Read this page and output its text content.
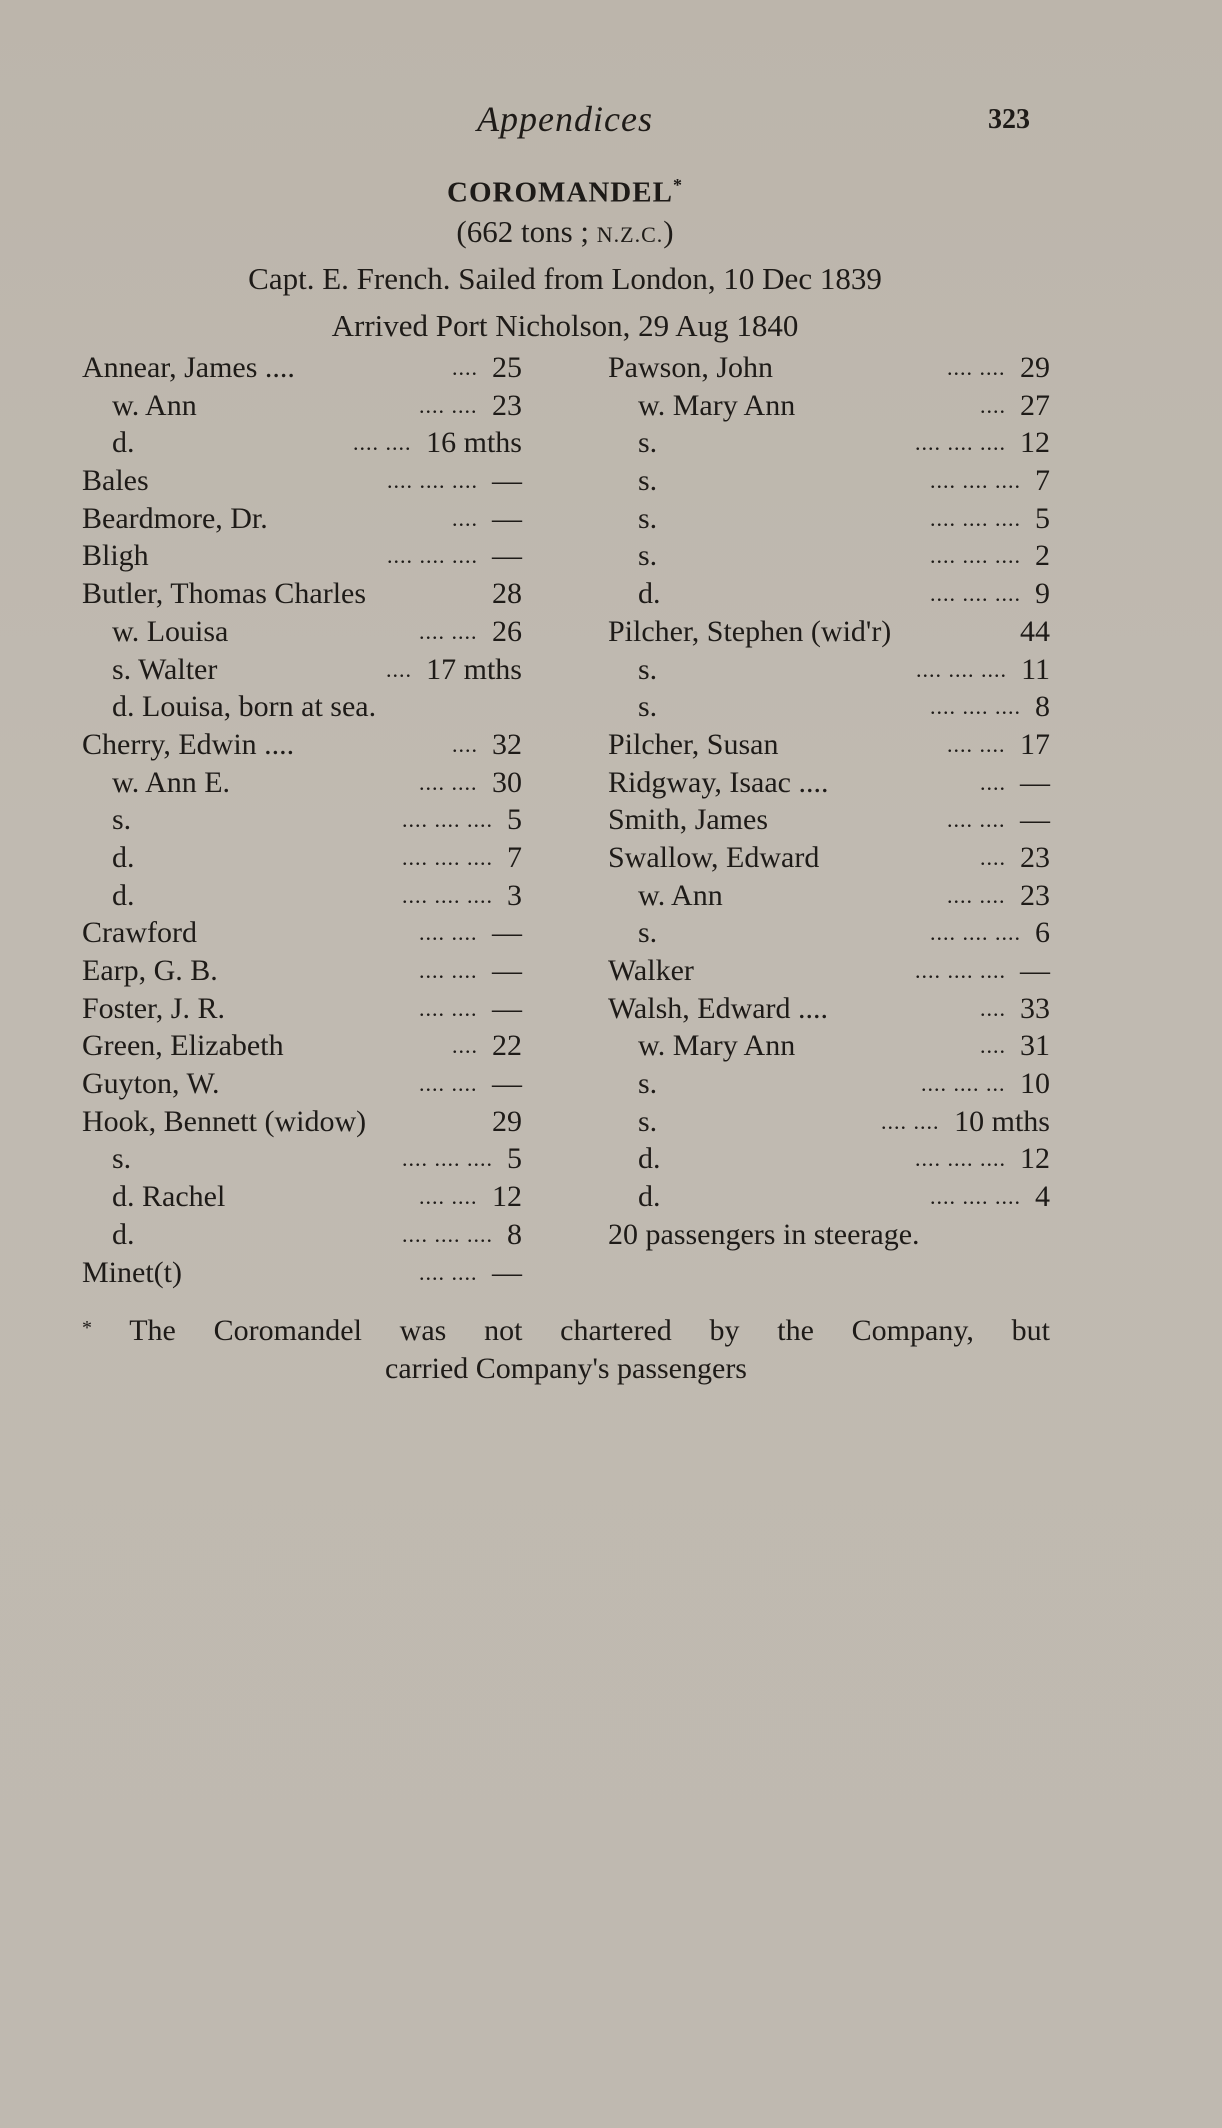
Appendices	323
COROMANDEL*
(662 tons ; N.Z.C.)
Capt. E. French. Sailed from London, 10 Dec 1839
Arrived Port Nicholson, 29 Aug 1840
Annear, James ....	.... 25
w. Ann	.... .... 23
d.	.... .... 16 mths
Bales	.... .... .... —
Beardmore, Dr.	.... —
Bligh	.... .... .... —
Butler, Thomas Charles	28
w. Louisa	.... .... 26
s. Walter	.... 17 mths
d. Louisa, born at sea.
Cherry, Edwin ....	.... 32
w. Ann E.	.... .... 30
s.	.... .... .... 5
d.	.... .... .... 7
d.	.... .... .... 3
Crawford	.... .... —
Earp, G. B.	.... .... —
Foster, J. R.	.... .... —
Green, Elizabeth	.... 22
Guyton, W.	.... .... —
Hook, Bennett (widow)	29
s.	.... .... .... 5
d. Rachel	.... .... 12
d.	.... .... .... 8
Minet(t)	.... .... —
Pawson, John	.... .... 29
w. Mary Ann	.... 27
s.	.... .... .... 12
s.	.... .... .... 7
s.	.... .... .... 5
s.	.... .... .... 2
d.	.... .... .... 9
Pilcher, Stephen (wid'r)	44
s.	.... .... .... 11
s.	.... .... .... 8
Pilcher, Susan	.... .... 17
Ridgway, Isaac ....	.... —
Smith, James	.... .... —
Swallow, Edward	.... 23
w. Ann	.... .... 23
s.	.... .... .... 6
Walker	.... .... .... —
Walsh, Edward ....	.... 33
w. Mary Ann	.... 31
s.	.... .... ... 10
s.	.... .... 10 mths
d.	.... .... .... 12
d.	.... .... .... 4
20 passengers in steerage.
* The Coromandel was not chartered by the Company, but
carried Company's passengers
